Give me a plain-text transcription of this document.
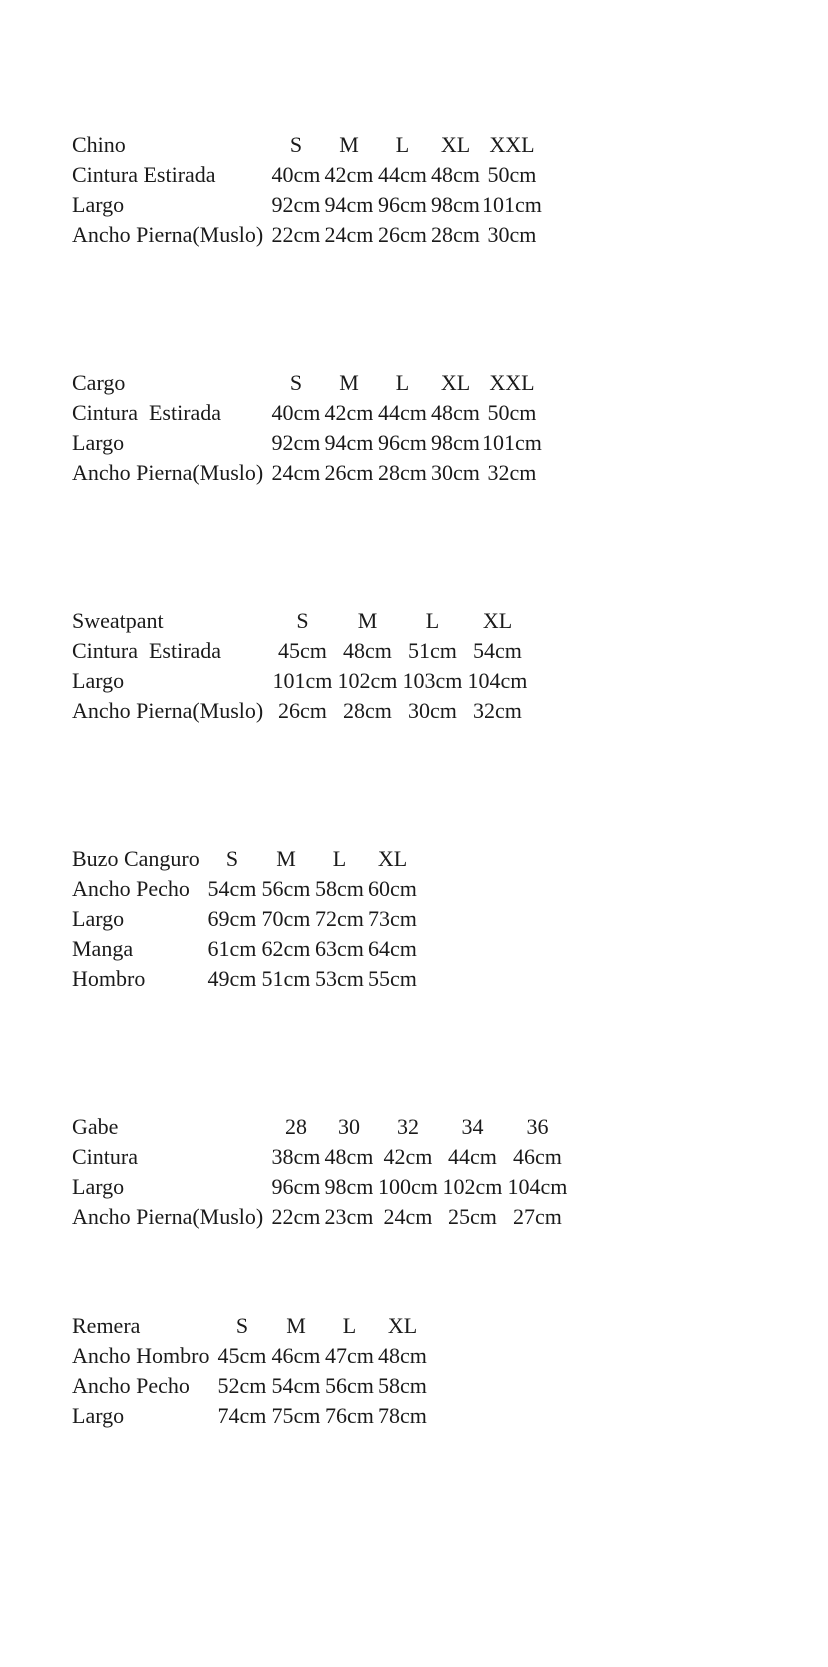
Chino	S	M	L	XL	XXL
Cintura Estirada	40cm	42cm	44cm	48cm	50cm
Largo	92cm	94cm	96cm	98cm	101cm
Ancho Pierna(Muslo)	22cm	24cm	26cm	28cm	30cm
Cargo	S	M	L	XL	XXL
Cintura  Estirada	40cm	42cm	44cm	48cm	50cm
Largo	92cm	94cm	96cm	98cm	101cm
Ancho Pierna(Muslo)	24cm	26cm	28cm	30cm	32cm
Sweatpant	S	M	L	XL
Cintura  Estirada	45cm	48cm	51cm	54cm
Largo	101cm	102cm	103cm	104cm
Ancho Pierna(Muslo)	26cm	28cm	30cm	32cm
Buzo Canguro	S	M	L	XL
Ancho Pecho	54cm	56cm	58cm	60cm
Largo	69cm	70cm	72cm	73cm
Manga	61cm	62cm	63cm	64cm
Hombro	49cm	51cm	53cm	55cm
Gabe	28	30	32	34	36
Cintura	38cm	48cm	42cm	44cm	46cm
Largo	96cm	98cm	100cm	102cm	104cm
Ancho Pierna(Muslo)	22cm	23cm	24cm	25cm	27cm
Remera	S	M	L	XL
Ancho Hombro	45cm	46cm	47cm	48cm
Ancho Pecho	52cm	54cm	56cm	58cm
Largo	74cm	75cm	76cm	78cm
